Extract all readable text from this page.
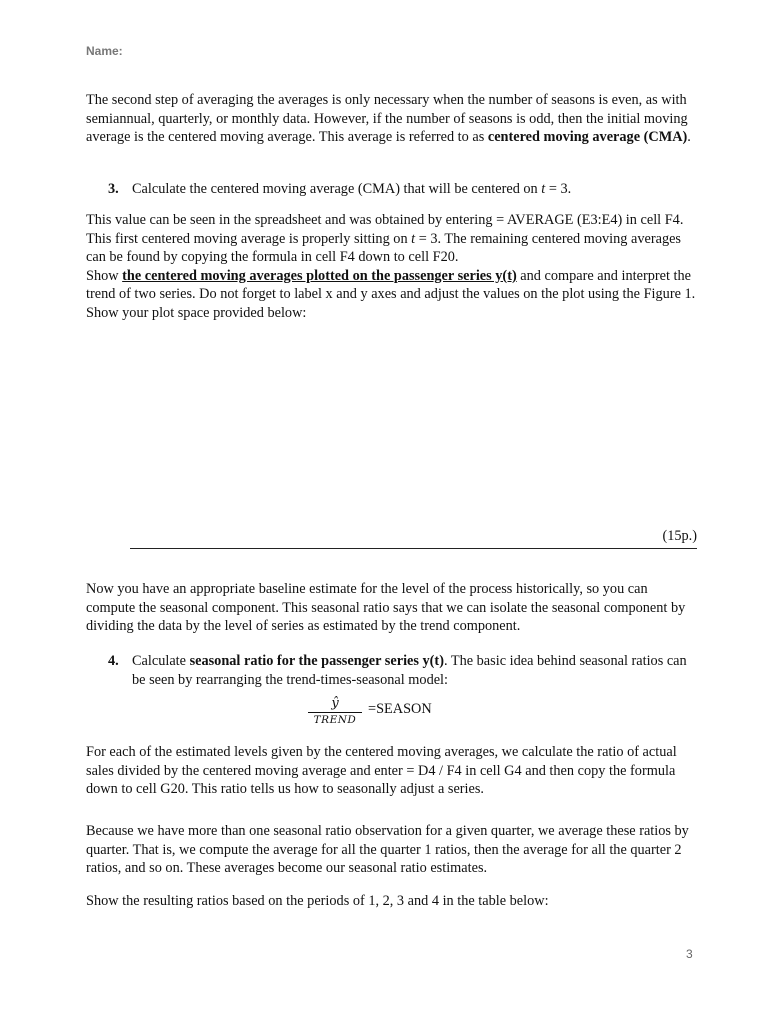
Name:
The second step of averaging the averages is only necessary when the number of seasons is even, as with semiannual, quarterly, or monthly data. However, if the number of seasons is odd, then the initial moving average is the centered moving average. This average is referred to as centered moving average (CMA).
3. Calculate the centered moving average (CMA) that will be centered on t = 3.
This value can be seen in the spreadsheet and was obtained by entering = AVERAGE (E3:E4) in cell F4. This first centered moving average is properly sitting on t = 3. The remaining centered moving averages can be found by copying the formula in cell F4 down to cell F20.
Show the centered moving averages plotted on the passenger series y(t) and compare and interpret the trend of two series. Do not forget to label x and y axes and adjust the values on the plot using the Figure 1.
Show your plot space provided below:
(15p.)
Now you have an appropriate baseline estimate for the level of the process historically, so you can compute the seasonal component. This seasonal ratio says that we can isolate the seasonal component by dividing the data by the level of series as estimated by the trend component.
4. Calculate seasonal ratio for the passenger series y(t). The basic idea behind seasonal ratios can be seen by rearranging the trend-times-seasonal model:
$\frac{ŷ}{\text{TREND}}$ =SEASON
For each of the estimated levels given by the centered moving averages, we calculate the ratio of actual sales divided by the centered moving average and enter = D4 / F4 in cell G4 and then copy the formula down to cell G20. This ratio tells us how to seasonally adjust a series.
Because we have more than one seasonal ratio observation for a given quarter, we average these ratios by quarter. That is, we compute the average for all the quarter 1 ratios, then the average for all the quarter 2 ratios, and so on. These averages become our seasonal ratio estimates.
Show the resulting ratios based on the periods of 1, 2, 3 and 4 in the table below:
3
